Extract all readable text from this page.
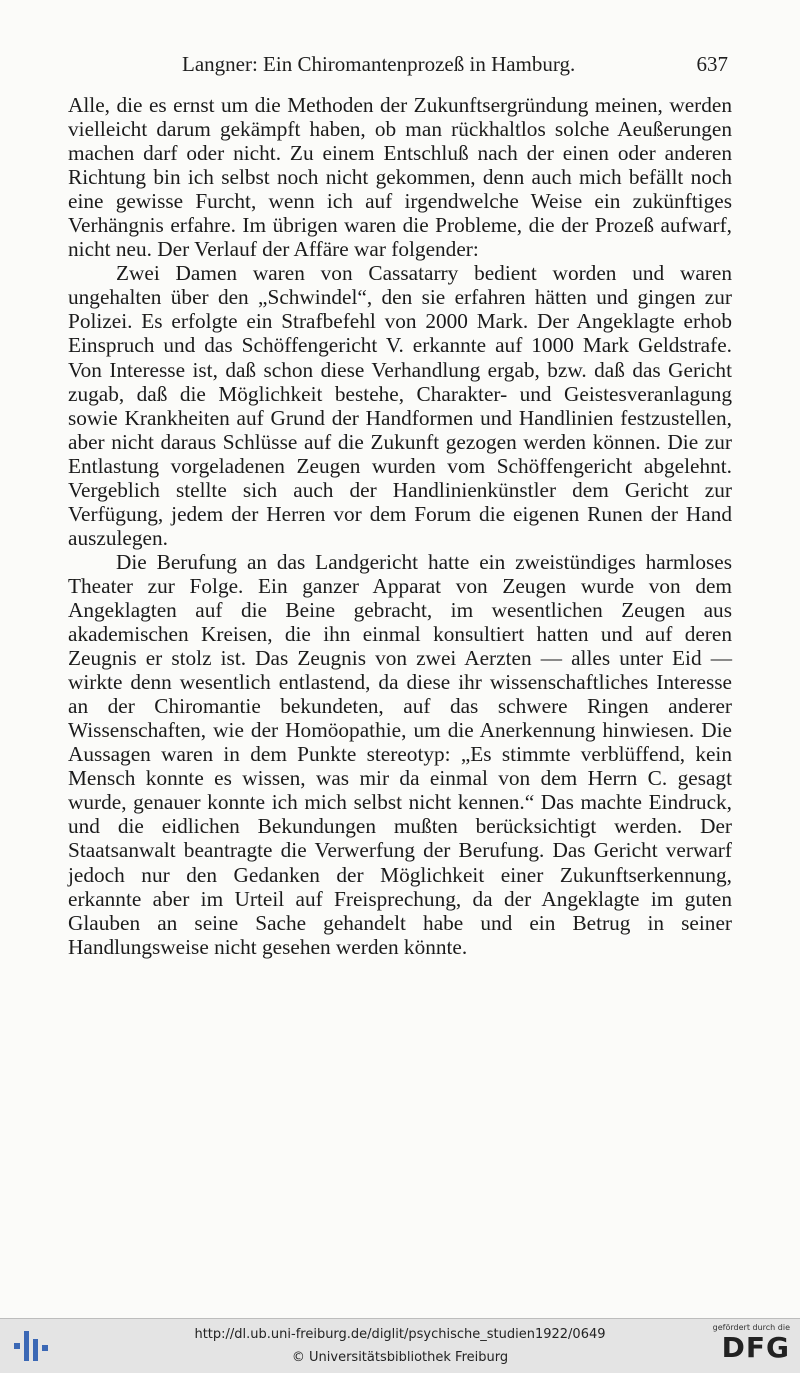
Langner: Ein Chiromantenprozeß in Hamburg.	637

Alle, die es ernst um die Methoden der Zukunftsergründung meinen, werden vielleicht darum gekämpft haben, ob man rückhaltlos solche Aeußerungen machen darf oder nicht. Zu einem Entschluß nach der einen oder anderen Richtung bin ich selbst noch nicht gekommen, denn auch mich befällt noch eine gewisse Furcht, wenn ich auf irgendwelche Weise ein zukünftiges Verhängnis erfahre. Im übrigen waren die Probleme, die der Prozeß aufwarf, nicht neu. Der Verlauf der Affäre war folgender:

Zwei Damen waren von Cassatarry bedient worden und waren ungehalten über den „Schwindel“, den sie erfahren hätten und gingen zur Polizei. Es erfolgte ein Strafbefehl von 2000 Mark. Der Angeklagte erhob Einspruch und das Schöffengericht V. erkannte auf 1000 Mark Geldstrafe. Von Interesse ist, daß schon diese Verhandlung ergab, bzw. daß das Gericht zugab, daß die Möglichkeit bestehe, Charakter- und Geistesveranlagung sowie Krankheiten auf Grund der Handformen und Handlinien festzustellen, aber nicht daraus Schlüsse auf die Zukunft gezogen werden können. Die zur Entlastung vorgeladenen Zeugen wurden vom Schöffengericht abgelehnt. Vergeblich stellte sich auch der Handlinienkünstler dem Gericht zur Verfügung, jedem der Herren vor dem Forum die eigenen Runen der Hand auszulegen.

Die Berufung an das Landgericht hatte ein zweistündiges harmloses Theater zur Folge. Ein ganzer Apparat von Zeugen wurde von dem Angeklagten auf die Beine gebracht, im wesentlichen Zeugen aus akademischen Kreisen, die ihn einmal konsultiert hatten und auf deren Zeugnis er stolz ist. Das Zeugnis von zwei Aerzten — alles unter Eid — wirkte denn wesentlich entlastend, da diese ihr wissenschaftliches Interesse an der Chiromantie bekundeten, auf das schwere Ringen anderer Wissenschaften, wie der Homöopathie, um die Anerkennung hinwiesen. Die Aussagen waren in dem Punkte stereotyp: „Es stimmte verblüffend, kein Mensch konnte es wissen, was mir da einmal von dem Herrn C. gesagt wurde, genauer konnte ich mich selbst nicht kennen.“ Das machte Eindruck, und die eidlichen Bekundungen mußten berücksichtigt werden. Der Staatsanwalt beantragte die Verwerfung der Berufung. Das Gericht verwarf jedoch nur den Gedanken der Möglichkeit einer Zukunftserkennung, erkannte aber im Urteil auf Freisprechung, da der Angeklagte im guten Glauben an seine Sache gehandelt habe und ein Betrug in seiner Handlungsweise nicht gesehen werden könnte.

http://dl.ub.uni-freiburg.de/diglit/psychische_studien1922/0649
© Universitätsbibliothek Freiburg
gefördert durch die
DFG
